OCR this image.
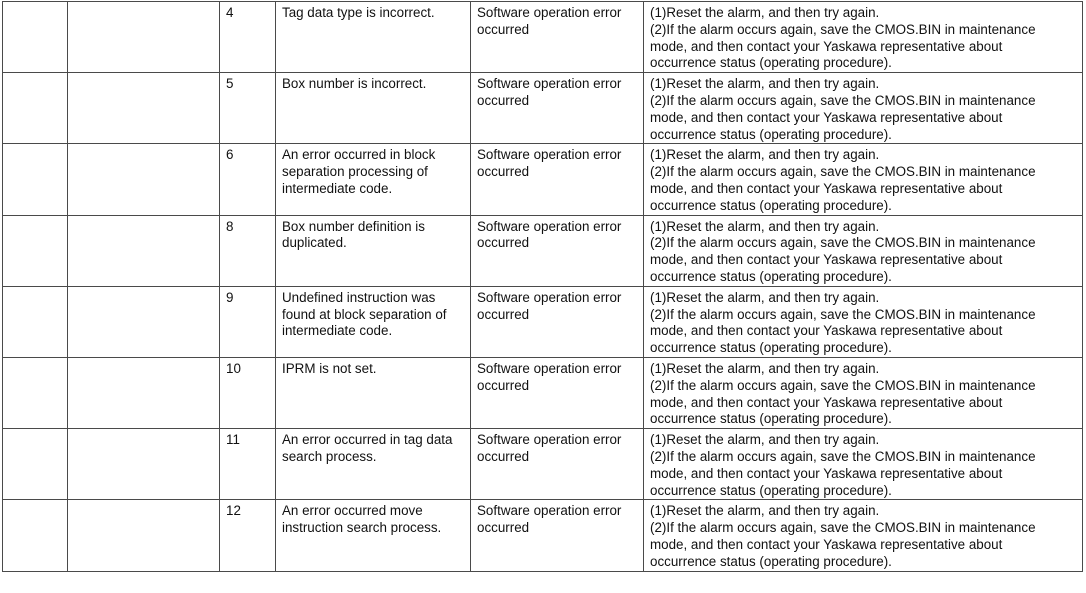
		4	Tag data type is incorrect.	Software operation error
occurred	(1)Reset the alarm, and then try again.
(2)If the alarm occurs again, save the CMOS.BIN in maintenance
mode, and then contact your Yaskawa representative about
occurrence status (operating procedure).

		5	Box number is incorrect.	Software operation error
occurred	(1)Reset the alarm, and then try again.
(2)If the alarm occurs again, save the CMOS.BIN in maintenance
mode, and then contact your Yaskawa representative about
occurrence status (operating procedure).

		6	An error occurred in block
separation processing of
intermediate code.	Software operation error
occurred	(1)Reset the alarm, and then try again.
(2)If the alarm occurs again, save the CMOS.BIN in maintenance
mode, and then contact your Yaskawa representative about
occurrence status (operating procedure).

		8	Box number definition is
duplicated.	Software operation error
occurred	(1)Reset the alarm, and then try again.
(2)If the alarm occurs again, save the CMOS.BIN in maintenance
mode, and then contact your Yaskawa representative about
occurrence status (operating procedure).

		9	Undefined instruction was
found at block separation of
intermediate code.	Software operation error
occurred	(1)Reset the alarm, and then try again.
(2)If the alarm occurs again, save the CMOS.BIN in maintenance
mode, and then contact your Yaskawa representative about
occurrence status (operating procedure).

		10	IPRM is not set.	Software operation error
occurred	(1)Reset the alarm, and then try again.
(2)If the alarm occurs again, save the CMOS.BIN in maintenance
mode, and then contact your Yaskawa representative about
occurrence status (operating procedure).

		11	An error occurred in tag data
search process.	Software operation error
occurred	(1)Reset the alarm, and then try again.
(2)If the alarm occurs again, save the CMOS.BIN in maintenance
mode, and then contact your Yaskawa representative about
occurrence status (operating procedure).

		12	An error occurred move
instruction search process.	Software operation error
occurred	(1)Reset the alarm, and then try again.
(2)If the alarm occurs again, save the CMOS.BIN in maintenance
mode, and then contact your Yaskawa representative about
occurrence status (operating procedure).
